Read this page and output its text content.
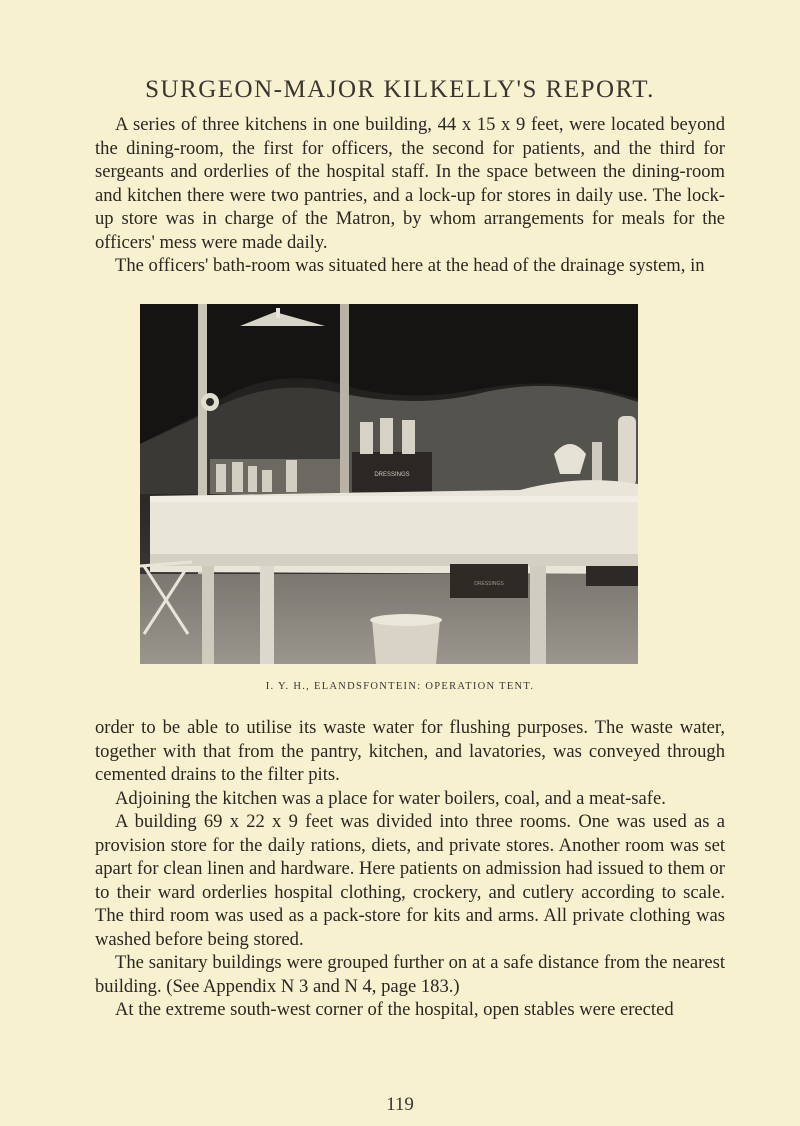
SURGEON-MAJOR KILKELLY'S REPORT.

A series of three kitchens in one building, 44 x 15 x 9 feet, were located beyond the dining-room, the first for officers, the second for patients, and the third for sergeants and orderlies of the hospital staff. In the space between the dining-room and kitchen there were two pantries, and a lock-up for stores in daily use. The lock-up store was in charge of the Matron, by whom arrangements for meals for the officers' mess were made daily.

The officers' bath-room was situated here at the head of the drainage system, in

DRESSINGS
DRESSINGS
I. Y. H., ELANDSFONTEIN: OPERATION TENT.

order to be able to utilise its waste water for flushing purposes. The waste water, together with that from the pantry, kitchen, and lavatories, was conveyed through cemented drains to the filter pits.

Adjoining the kitchen was a place for water boilers, coal, and a meat-safe.

A building 69 x 22 x 9 feet was divided into three rooms. One was used as a provision store for the daily rations, diets, and private stores. Another room was set apart for clean linen and hardware. Here patients on admission had issued to them or to their ward orderlies hospital clothing, crockery, and cutlery according to scale. The third room was used as a pack-store for kits and arms. All private clothing was washed before being stored.

The sanitary buildings were grouped further on at a safe distance from the nearest building. (See Appendix N 3 and N 4, page 183.)

At the extreme south-west corner of the hospital, open stables were erected

119
